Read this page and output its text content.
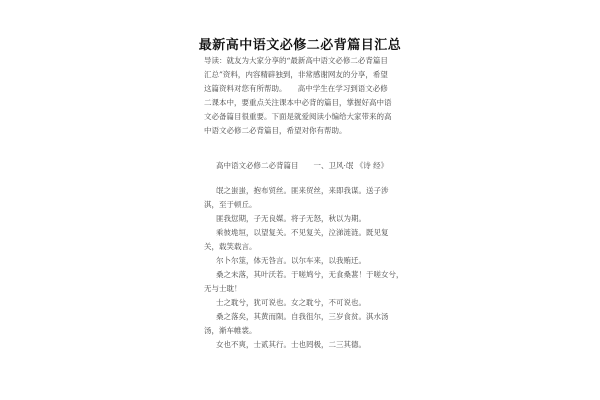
最新高中语文必修二必背篇目汇总
导读：就友为大家分享的“最新高中语文必修二必背篇目
汇总”资料，内容精辟独到，非常感谢网友的分享，希望
这篇资料对您有所帮助。　　高中学生在学习到语文必修
二课本中，要重点关注课本中必背的篇目，掌握好高中语
文必备篇目很重要。下面是就爱阅读小编给大家带来的高
中语文必修二必背篇目，希望对你有帮助。
高中语文必修二必背篇目　　一、卫风·氓 《诗 经》
氓之蚩蚩，抱布贸丝。匪来贸丝，来即我谋。送子涉
淇，至于顿丘。
匪我愆期，子无良媒。将子无怒，秋以为期。
乘彼垝垣，以望复关。不见复关，泣涕涟涟。既见复
关，载笑载言。
尔卜尔筮，体无咎言。以尔车来，以我贿迁。
桑之未落，其叶沃若。于嗟鸠兮，无食桑葚！于嗟女兮，
无与士耽！
士之耽兮，犹可说也。女之耽兮，不可说也。
桑之落矣，其黄而陨。自我徂尔，三岁食贫。淇水汤
汤，渐车帷裳。
女也不爽，士贰其行。士也罔极，二三其德。
